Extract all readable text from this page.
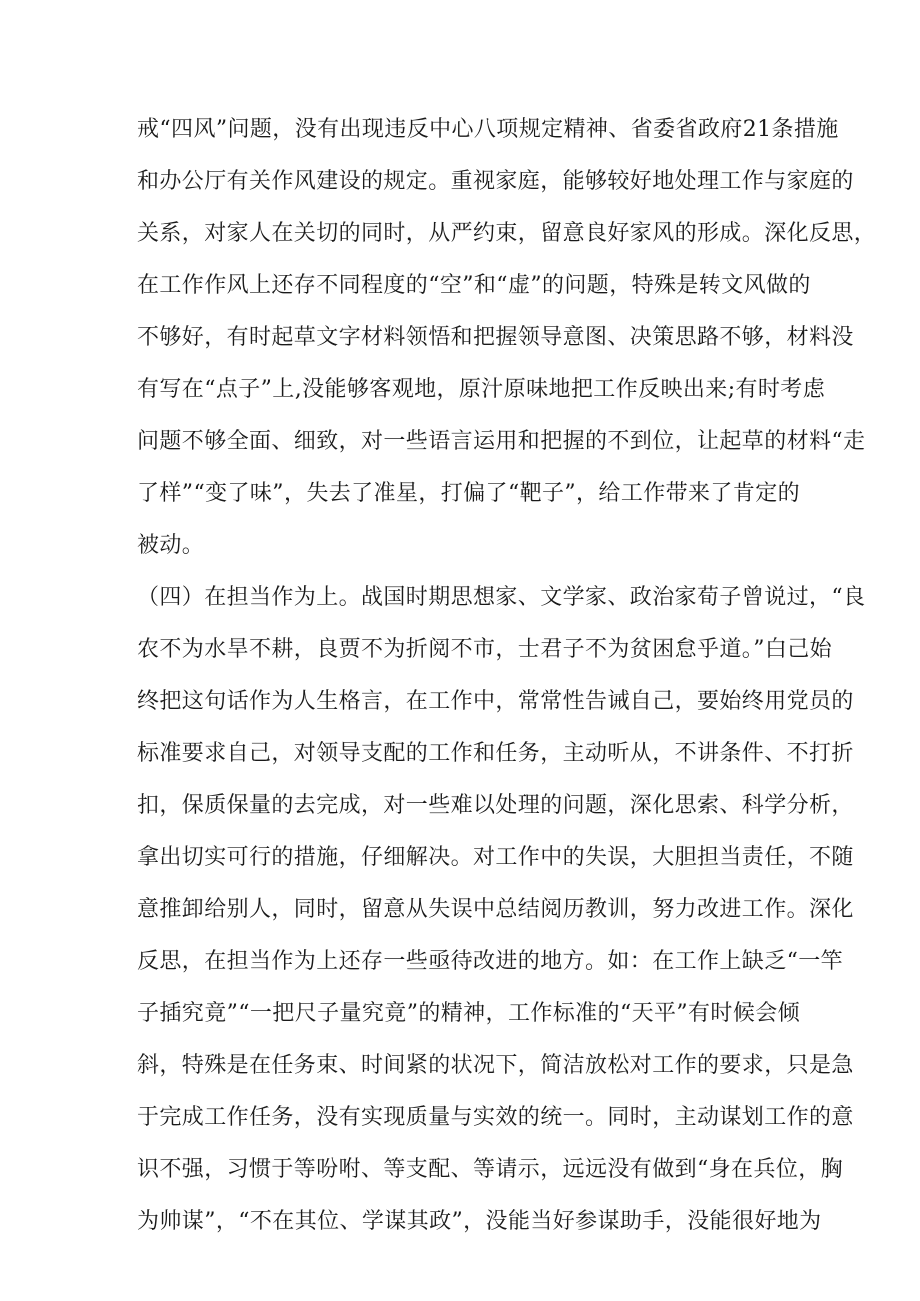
戒“四风”问题，没有出现违反中心八项规定精神、省委省政府21条措施
和办公厅有关作风建设的规定。重视家庭，能够较好地处理工作与家庭的
关系，对家人在关切的同时，从严约束，留意良好家风的形成。深化反思，
在工作作风上还存不同程度的“空”和“虚”的问题，特殊是转文风做的
不够好，有时起草文字材料领悟和把握领导意图、决策思路不够，材料没
有写在“点子”上,没能够客观地，原汁原味地把工作反映出来;有时考虑
问题不够全面、细致，对一些语言运用和把握的不到位，让起草的材料“走
了样”“变了味”，失去了准星，打偏了“靶子”，给工作带来了肯定的
被动。
（四）在担当作为上。战国时期思想家、文学家、政治家荀子曾说过，“良
农不为水旱不耕，良贾不为折阅不市，士君子不为贫困怠乎道。”白己始
终把这句话作为人生格言，在工作中，常常性告诫自己，要始终用党员的
标准要求自己，对领导支配的工作和任务，主动听从，不讲条件、不打折
扣，保质保量的去完成，对一些难以处理的问题，深化思索、科学分析，
拿出切实可行的措施，仔细解决。对工作中的失误，大胆担当责任，不随
意推卸给别人，同时，留意从失误中总结阅历教训，努力改进工作。深化
反思，在担当作为上还存一些亟待改进的地方。如：在工作上缺乏“一竿
子插究竟”“一把尺子量究竟”的精神，工作标准的“天平”有时候会倾
斜，特殊是在任务束、时间紧的状况下，简洁放松对工作的要求，只是急
于完成工作任务，没有实现质量与实效的统一。同时，主动谋划工作的意
识不强，习惯于等吩咐、等支配、等请示，远远没有做到“身在兵位，胸
为帅谋”，“不在其位、学谋其政”，没能当好参谋助手，没能很好地为
